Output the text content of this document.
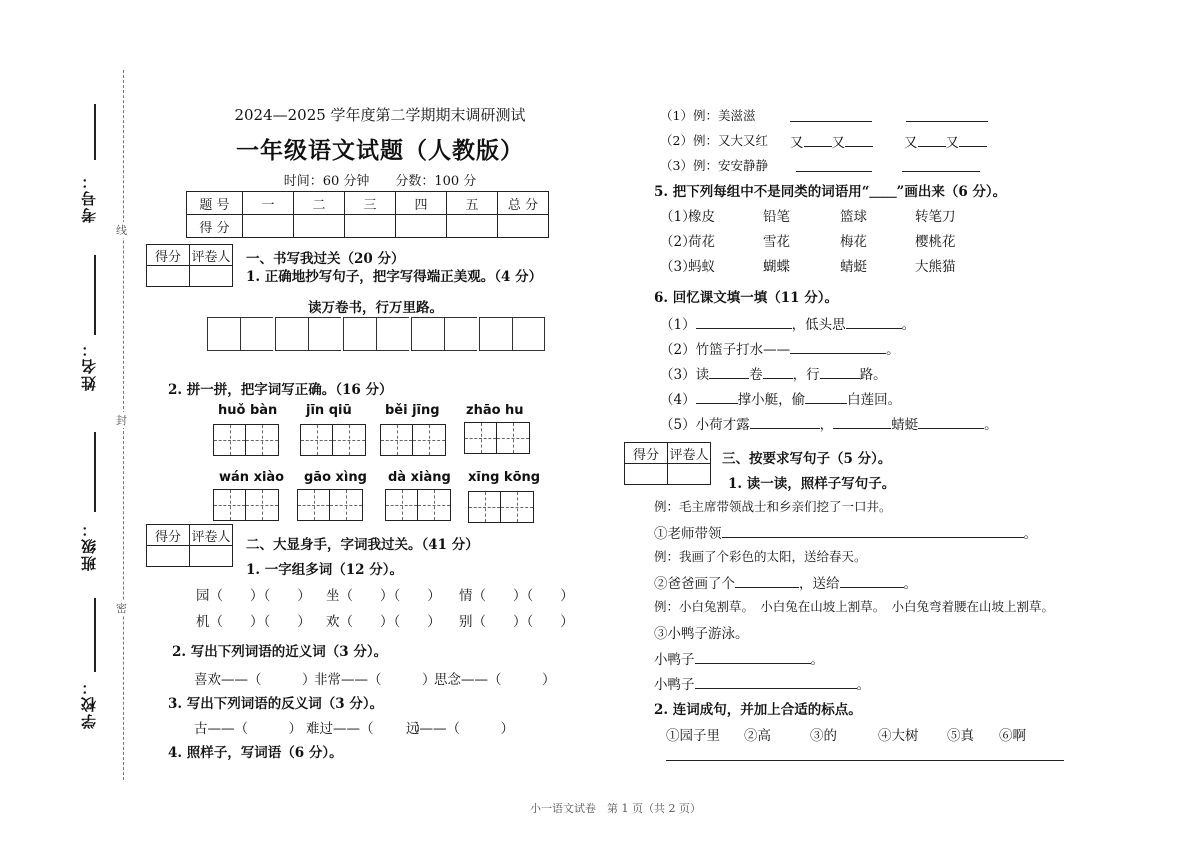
考号：
姓名：
班级：
学校：
线
封
密
2024—2025 学年度第二学期期末调研测试
一年级语文试题（人教版）
时间：60 分钟　　分数：100 分
题 号	一	二	三	四	五	总 分
得 分						
得分	评卷人
	一、书写我过关（20 分）
1. 正确地抄写句子，把字写得端正美观。（4 分）
读万卷书，行万里路。
2. 拼一拼，把字词写正确。（16 分）
huǒ bàn jīn qiū	běi jīng zhāo hu
wán xiào gāo xìng dà xiàng xīng kōng
得分	评卷人
	二、大显身手，字词我过关。（41 分）
1. 一字组多词（12 分）。
园（　　）（　　） 坐（　　）（　　） 情（　　）（　　）
机（　　）（　　） 欢（　　）（　　） 别（　　）（　　）
2. 写出下列词语的近义词（3 分）。
喜欢——（　　　）
非常——（　　　）
思念——（　　　）
3. 写出下列词语的反义词（3 分）。
古——（　　　） 难过——（　　　）
远——（　　　）
4. 照样子，写词语（6 分）。
（1）例：美滋滋
（2）例：又大又红 又 又	又 又
（3）例：安安静静
5. 把下列每组中不是同类的词语用“＿＿”画出来（6 分）。
（1）
橡皮	铅笔	篮球	转笔刀
（2）
荷花	雪花	梅花	樱桃花
（3）
蚂蚁	蝴蝶	蜻蜓	大熊猫
6. 回忆课文填一填（11 分）。
（1）	，低头思	。
（2）竹篮子打水——	。
（3）读	卷 ，行	路。
（4）	撑小艇，偷	白莲回。
（5）小荷才露	，	蜻蜓	。
得分	评卷人
	三、按要求写句子（5 分）。
1. 读一读，照样子写句子。
例：毛主席带领战士和乡亲们挖了一口井。
①老师带领	。
例：我画了个彩色的太阳，送给春天。
②爸爸画了个	，送给	。
例：小白兔割草。　小白兔在山坡上割草。　小白兔弯着腰在山坡上割草。
③小鸭子游泳。
小鸭子	。
小鸭子	。
2. 连词成句，并加上合适的标点。
①园子里 ②高	③的	④大树 ⑤真 ⑥啊
小一语文试卷　第 1 页（共 2 页）
